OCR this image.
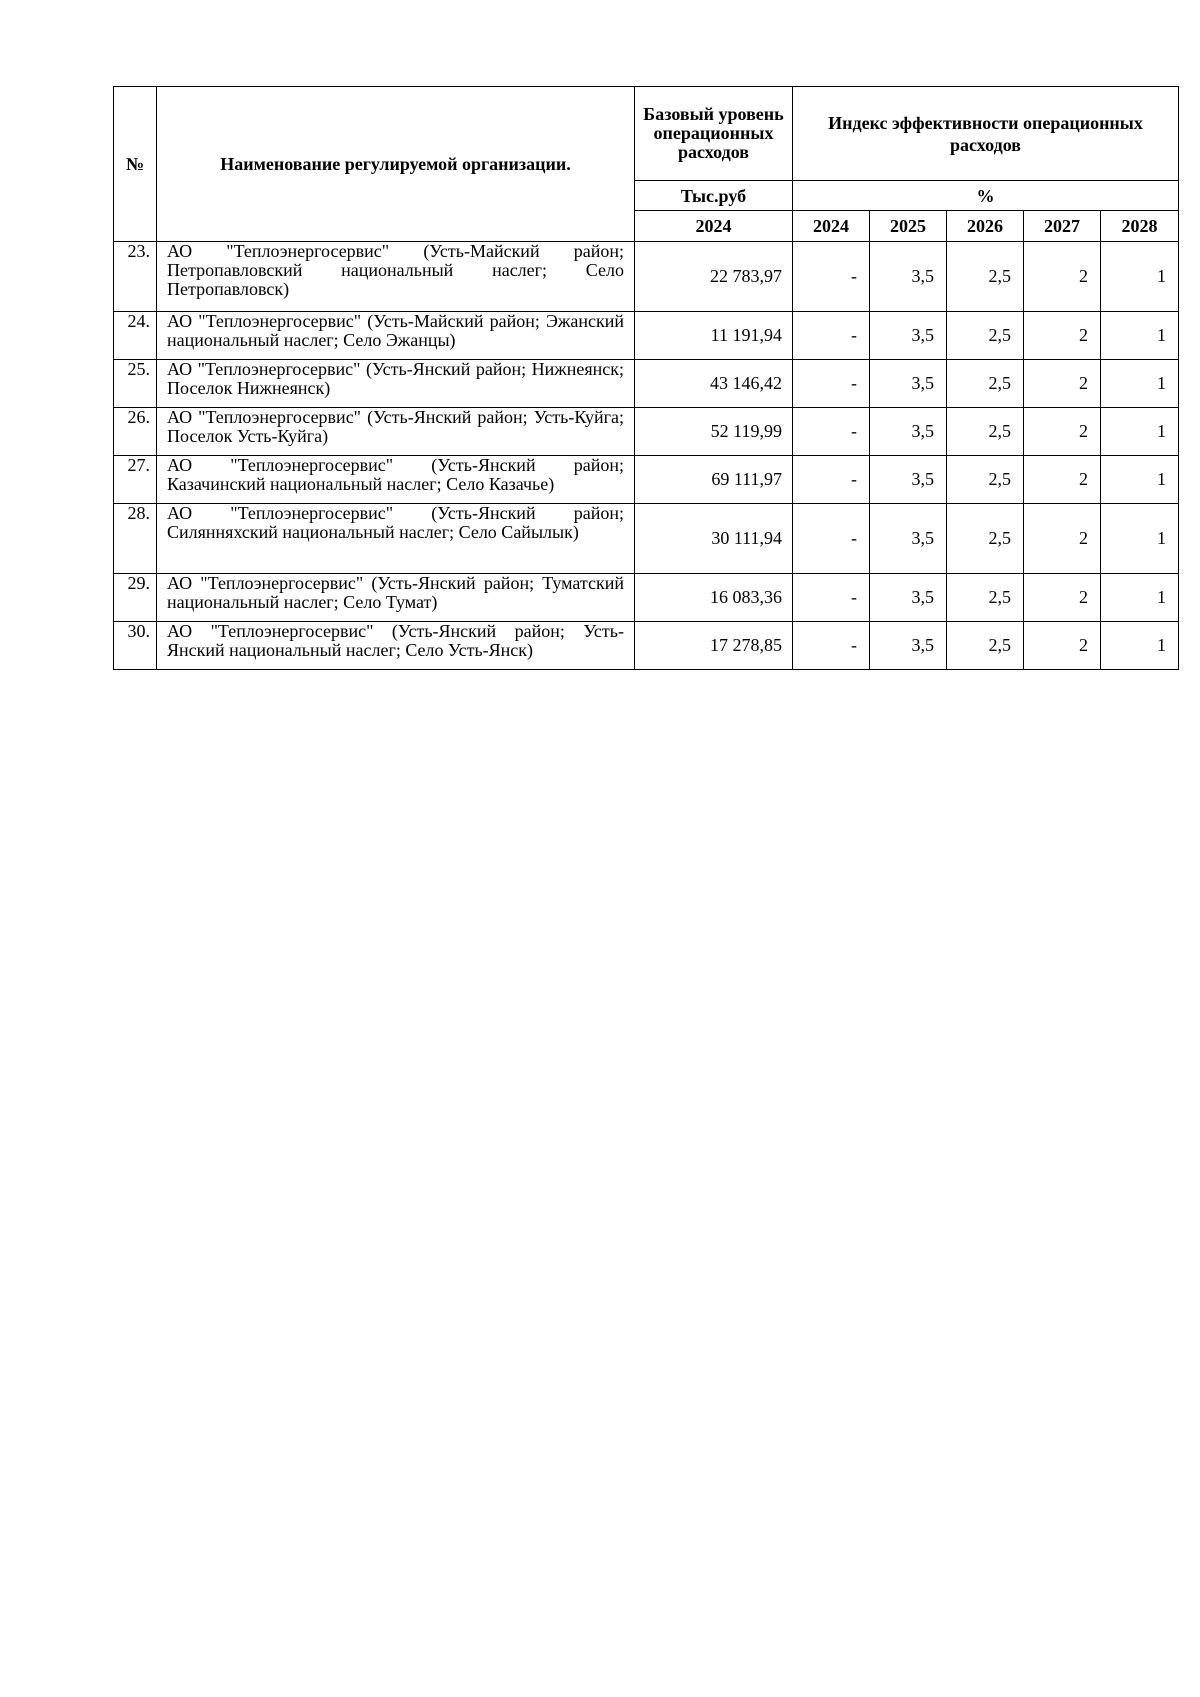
№	Наименование регулируемой организации.	Базовый уровень операционных расходов	Индекс эффективности операционных расходов				
		Тыс.руб	%				
		2024	2024	2025	2026	2027	2028
23.	АО "Теплоэнергосервис" (Усть-Майский район; Петропавловский национальный наслег; Село Петропавловск)	22 783,97	-	3,5	2,5	2	1
24.	АО "Теплоэнергосервис" (Усть-Майский район; Эжанский национальный наслег; Село Эжанцы)	11 191,94	-	3,5	2,5	2	1
25.	АО "Теплоэнергосервис" (Усть-Янский район; Нижнеянск; Поселок Нижнеянск)	43 146,42	-	3,5	2,5	2	1
26.	АО "Теплоэнергосервис" (Усть-Янский район; Усть-Куйга; Поселок Усть-Куйга)	52 119,99	-	3,5	2,5	2	1
27.	АО "Теплоэнергосервис" (Усть-Янский район; Казачинский национальный наслег; Село Казачье)	69 111,97	-	3,5	2,5	2	1
28.	АО "Теплоэнергосервис" (Усть-Янский район; Силянняхский национальный наслег; Село Сайылык)	30 111,94	-	3,5	2,5	2	1
29.	АО "Теплоэнергосервис" (Усть-Янский район; Туматский национальный наслег; Село Тумат)	16 083,36	-	3,5	2,5	2	1
30.	АО "Теплоэнергосервис" (Усть-Янский район; Усть-Янский национальный наслег; Село Усть-Янск)	17 278,85	-	3,5	2,5	2	1
